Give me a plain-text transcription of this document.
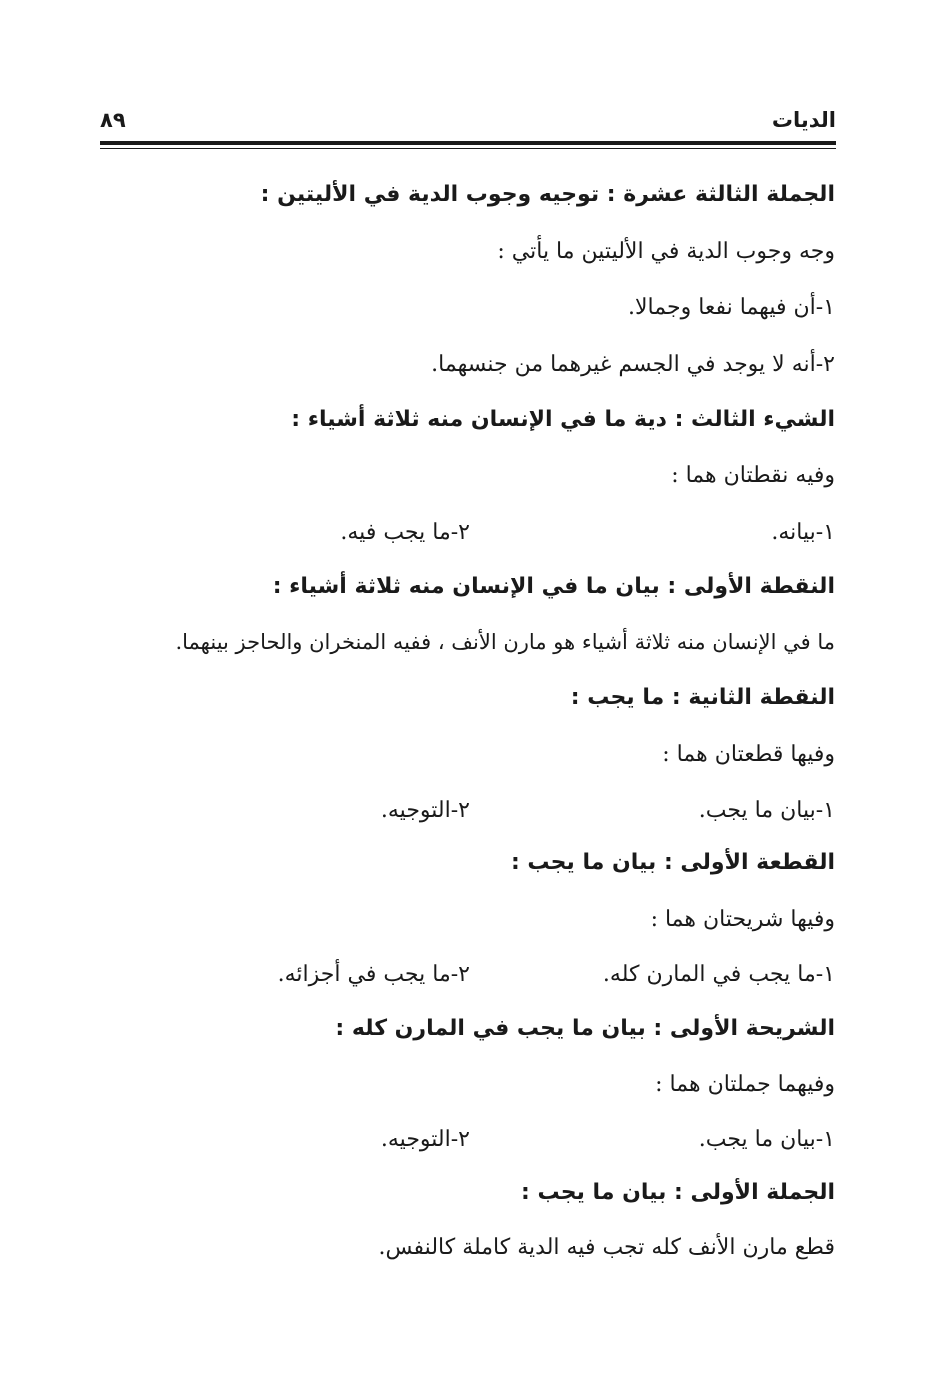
الديات
٨٩
الجملة الثالثة عشرة : توجيه وجوب الدية في الأليتين :
وجه وجوب الدية في الأليتين ما يأتي :
١-أن فيهما نفعا وجمالا.
٢-أنه لا يوجد في الجسم غيرهما من جنسهما.
الشيء الثالث : دية ما في الإنسان منه ثلاثة أشياء :
وفيه نقطتان هما :
١-بيانه.
٢-ما يجب فيه.
النقطة الأولى : بيان ما في الإنسان منه ثلاثة أشياء :
ما في الإنسان منه ثلاثة أشياء هو مارن الأنف ، ففيه المنخران والحاجز بينهما.
النقطة الثانية : ما يجب :
وفيها قطعتان هما :
١-بيان ما يجب.
٢-التوجيه.
القطعة الأولى : بيان ما يجب :
وفيها شريحتان هما :
١-ما يجب في المارن كله.
٢-ما يجب في أجزائه.
الشريحة الأولى : بيان ما يجب في المارن كله :
وفيهما جملتان هما :
١-بيان ما يجب.
٢-التوجيه.
الجملة الأولى : بيان ما يجب :
قطع مارن الأنف كله تجب فيه الدية كاملة كالنفس.
